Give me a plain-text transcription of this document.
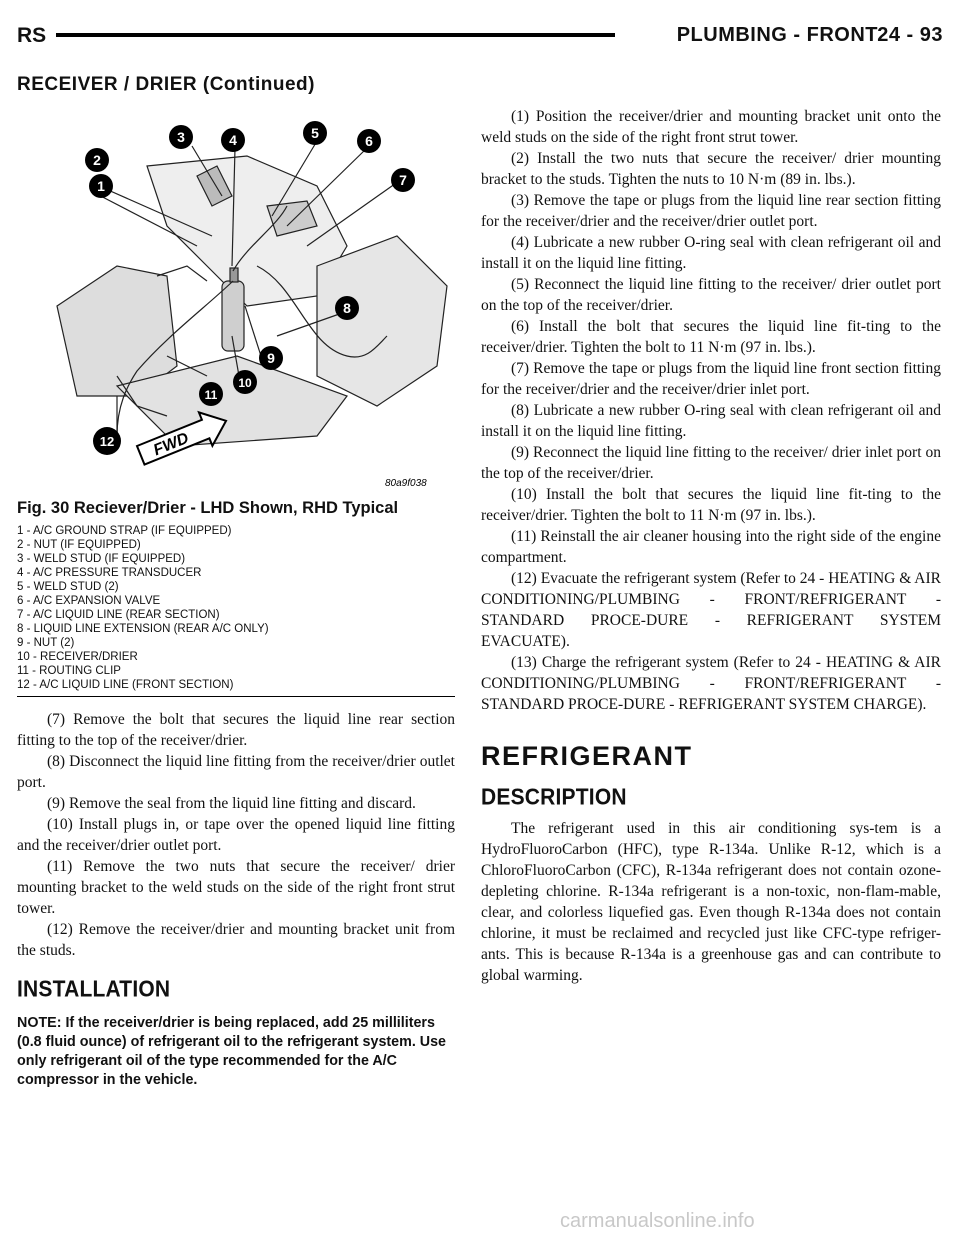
RS	PLUMBING - FRONT 24 - 93
RECEIVER / DRIER (Continued)
1
2
3	4	5	6
7
8
9
10
11
12 FWD
80a9f038
Fig. 30 Reciever/Drier - LHD Shown, RHD Typical
1 - A/C GROUND STRAP (IF EQUIPPED)
2 - NUT (IF EQUIPPED)
3 - WELD STUD (IF EQUIPPED)
4 - A/C PRESSURE TRANSDUCER
5 - WELD STUD (2)
6 - A/C EXPANSION VALVE
7 - A/C LIQUID LINE (REAR SECTION)
8 - LIQUID LINE EXTENSION (REAR A/C ONLY)
9 - NUT (2)
10 - RECEIVER/DRIER
11 - ROUTING CLIP
12 - A/C LIQUID LINE (FRONT SECTION)

(7) Remove the bolt that secures the liquid line rear section fitting to the top of the receiver/drier.

(8) Disconnect the liquid line fitting from the receiver/drier outlet port.

(9) Remove the seal from the liquid line fitting and discard.

(10) Install plugs in, or tape over the opened liquid line fitting and the receiver/drier outlet port.

(11) Remove the two nuts that secure the receiver/ drier mounting bracket to the weld studs on the side of the right front strut tower.

(12) Remove the receiver/drier and mounting bracket unit from the studs.

INSTALLATION

NOTE: If the receiver/drier is being replaced, add 25 milliliters (0.8 fluid ounce) of refrigerant oil to the refrigerant system. Use only refrigerant oil of the type recommended for the A/C compressor in the vehicle.

(1) Position the receiver/drier and mounting bracket unit onto the weld studs on the side of the right front strut tower.

(2) Install the two nuts that secure the receiver/ drier mounting bracket to the studs. Tighten the nuts to 10 N·m (89 in. lbs.).

(3) Remove the tape or plugs from the liquid line rear section fitting for the receiver/drier and the receiver/drier outlet port.

(4) Lubricate a new rubber O-ring seal with clean refrigerant oil and install it on the liquid line fitting.

(5) Reconnect the liquid line fitting to the receiver/ drier outlet port on the top of the receiver/drier.

(6) Install the bolt that secures the liquid line fit-ting to the receiver/drier. Tighten the bolt to 11 N·m (97 in. lbs.).

(7) Remove the tape or plugs from the liquid line front section fitting for the receiver/drier and the receiver/drier inlet port.

(8) Lubricate a new rubber O-ring seal with clean refrigerant oil and install it on the liquid line fitting.

(9) Reconnect the liquid line fitting to the receiver/ drier inlet port on the top of the receiver/drier.

(10) Install the bolt that secures the liquid line fit-ting to the receiver/drier. Tighten the bolt to 11 N·m (97 in. lbs.).

(11) Reinstall the air cleaner housing into the right side of the engine compartment.

(12) Evacuate the refrigerant system (Refer to 24 - HEATING & AIR CONDITIONING/PLUMBING - FRONT/REFRIGERANT - STANDARD PROCE-DURE - REFRIGERANT SYSTEM EVACUATE).

(13) Charge the refrigerant system (Refer to 24 - HEATING & AIR CONDITIONING/PLUMBING - FRONT/REFRIGERANT - STANDARD PROCE-DURE - REFRIGERANT SYSTEM CHARGE).

REFRIGERANT
DESCRIPTION

The refrigerant used in this air conditioning sys-tem is a HydroFluoroCarbon (HFC), type R-134a. Unlike R-12, which is a ChloroFluoroCarbon (CFC), R-134a refrigerant does not contain ozone-depleting chlorine. R-134a refrigerant is a non-toxic, non-flam-mable, clear, and colorless liquefied gas. Even though R-134a does not contain chlorine, it must be reclaimed and recycled just like CFC-type refriger-ants. This is because R-134a is a greenhouse gas and can contribute to global warming.

carmanualsonline.info
